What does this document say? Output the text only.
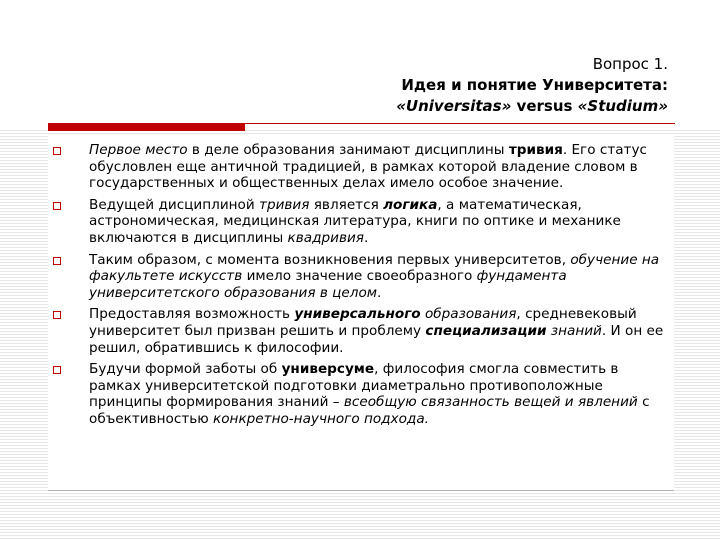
Вопрос 1.
Идея и понятие Университета:
«Universitas» versus «Studium»
Первое место в деле образования занимают дисциплины тривия. Его статус обусловлен еще античной традицией, в рамках которой владение словом в государственных и общественных делах имело особое значение.
Ведущей дисциплиной тривия является логика, а математическая, астрономическая, медицинская литература, книги по оптике и механике включаются в дисциплины квадривия.
Таким образом, с момента возникновения первых университетов, обучение на факультете искусств имело значение своеобразного фундамента университетского образования в целом.
Предоставляя возможность универсального образования, средневековый университет был призван решить и проблему специализации знаний. И он ее решил, обратившись к философии.
Будучи формой заботы об универсуме, философия смогла совместить в рамках университетской подготовки диаметрально противоположные принципы формирования знаний – всеобщую связанность вещей и явлений с объективностью конкретно-научного подхода.
